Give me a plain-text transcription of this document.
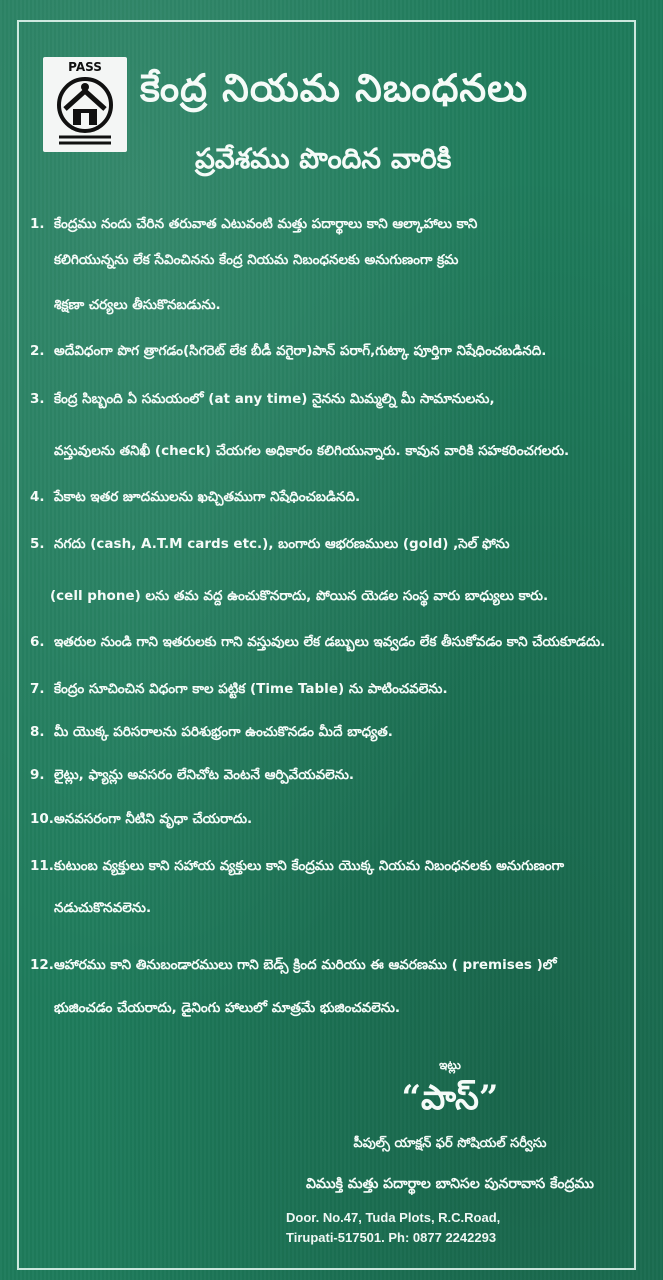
PASS	కేంద్ర నియమ నిబంధనలు
ప్రవేశము పొందిన వారికి
1. కేంద్రము నందు చేరిన తరువాత ఎటువంటి మత్తు పదార్థాలు కాని ఆల్కాహాలు కాని
కలిగియున్నను లేక సేవించినను కేంద్ర నియమ నిబంధనలకు అనుగుణంగా క్రమ
శిక్షణా చర్యలు తీసుకొనబడును.
2. అదేవిధంగా పొగ త్రాగడం(సిగరెట్ లేక బీడీ వగైరా)పాన్ పరాగ్,గుట్కా పూర్తిగా నిషేధించబడినది.
3. కేంద్ర సిబ్బంది ఏ సమయంలో (at any time) నైనను మిమ్మల్ని మీ సామానులను,
వస్తువులను తనిఖీ (check) చేయగల అధికారం కలిగియున్నారు. కావున వారికి సహకరించగలరు.
4. పేకాట ఇతర జూదములను ఖచ్చితముగా నిషేధించబడినది.
5. నగదు (cash, A.T.M cards etc.), బంగారు ఆభరణములు (gold) ,సెల్ ఫోను
(cell phone) లను తమ వద్ద ఉంచుకొనరాదు, పోయిన యెడల సంస్థ వారు బాధ్యులు కారు.
6. ఇతరుల నుండి గాని ఇతరులకు గాని వస్తువులు లేక డబ్బులు ఇవ్వడం లేక తీసుకోవడం కాని చేయకూడదు.
7. కేంద్రం సూచించిన విధంగా కాల పట్టిక (Time Table) ను పాటించవలెను.
8. మీ యొక్క పరిసరాలను పరిశుభ్రంగా ఉంచుకొనడం మీదే బాధ్యత.
9. లైట్లు, ఫ్యాన్లు అవసరం లేనిచోట వెంటనే ఆర్పివేయవలెను.
10.అనవసరంగా నీటిని వృధా చేయరాదు.
11.కుటుంబ వ్యక్తులు కాని సహాయ వ్యక్తులు కాని కేంద్రము యొక్క నియమ నిబంధనలకు అనుగుణంగా
నడుచుకొనవలెను.
12.ఆహారము కాని తినుబండారములు గాని బెడ్స్ క్రింద మరియు ఈ ఆవరణము ( premises )లో
భుజించడం చేయరాదు, డైనింగు హాలులో మాత్రమే భుజించవలెను.
ఇట్లు
“పాస్”
పీపుల్స్ యాక్షన్ ఫర్ సోషియల్ సర్వీసు
విముక్తి మత్తు పదార్థాల బానిసల పునరావాస కేంద్రము
Door. No.47, Tuda Plots, R.C.Road,
Tirupati-517501. Ph: 0877 2242293
